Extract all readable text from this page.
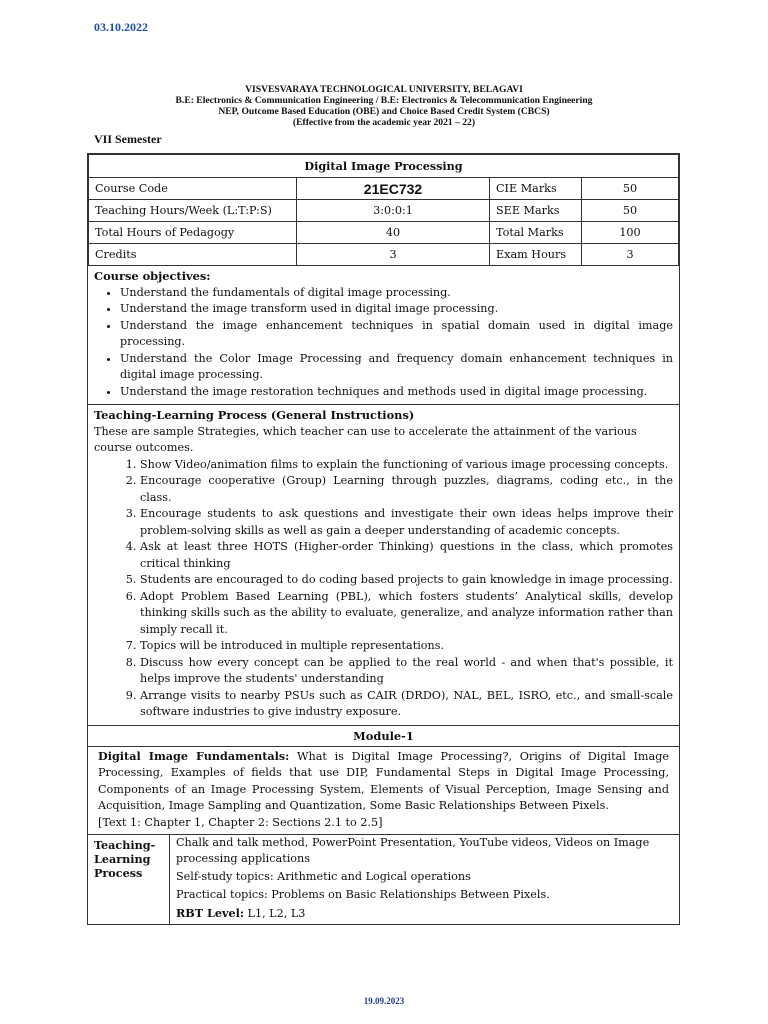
03.10.2022
VISVESVARAYA TECHNOLOGICAL UNIVERSITY, BELAGAVI
B.E: Electronics & Communication Engineering / B.E: Electronics & Telecommunication Engineering
NEP, Outcome Based Education (OBE) and Choice Based Credit System (CBCS)
(Effective from the academic year 2021 – 22)
VII Semester
Digital Image Processing			
Course Code	21EC732	CIE Marks	50
Teaching Hours/Week (L:T:P:S)	3:0:0:1	SEE Marks	50
Total Hours of Pedagogy	40	Total Marks	100
Credits	3	Exam Hours	3
Course objectives:
• Understand the fundamentals of digital image processing.
• Understand the image transform used in digital image processing.
• Understand the image enhancement techniques in spatial domain used in digital image processing.
• Understand the Color Image Processing and frequency domain enhancement techniques in digital image processing.
• Understand the image restoration techniques and methods used in digital image processing.
Teaching-Learning Process (General Instructions)

These are sample Strategies, which teacher can use to accelerate the attainment of the various course outcomes.

1. Show Video/animation films to explain the functioning of various image processing concepts.
2. Encourage cooperative (Group) Learning through puzzles, diagrams, coding etc., in the class.
3. Encourage students to ask questions and investigate their own ideas helps improve their problem-solving skills as well as gain a deeper understanding of academic concepts.
4. Ask at least three HOTS (Higher-order Thinking) questions in the class, which promotes critical thinking
5. Students are encouraged to do coding based projects to gain knowledge in image processing.
6. Adopt Problem Based Learning (PBL), which fosters students’ Analytical skills, develop thinking skills such as the ability to evaluate, generalize, and analyze information rather than simply recall it.
7. Topics will be introduced in multiple representations.
8. Discuss how every concept can be applied to the real world - and when that's possible, it helps improve the students' understanding
9. Arrange visits to nearby PSUs such as CAIR (DRDO), NAL, BEL, ISRO, etc., and small-scale software industries to give industry exposure.
Module-1

Digital Image Fundamentals: What is Digital Image Processing?, Origins of Digital Image Processing, Examples of fields that use DIP, Fundamental Steps in Digital Image Processing, Components of an Image Processing System, Elements of Visual Perception, Image Sensing and Acquisition, Image Sampling and Quantization, Some Basic Relationships Between Pixels.

[Text 1: Chapter 1, Chapter 2: Sections 2.1 to 2.5]

Teaching-Learning Process

Chalk and talk method, PowerPoint Presentation, YouTube videos, Videos on Image processing applications

Self-study topics: Arithmetic and Logical operations

Practical topics: Problems on Basic Relationships Between Pixels.

RBT Level: L1, L2, L3

19.09.2023
